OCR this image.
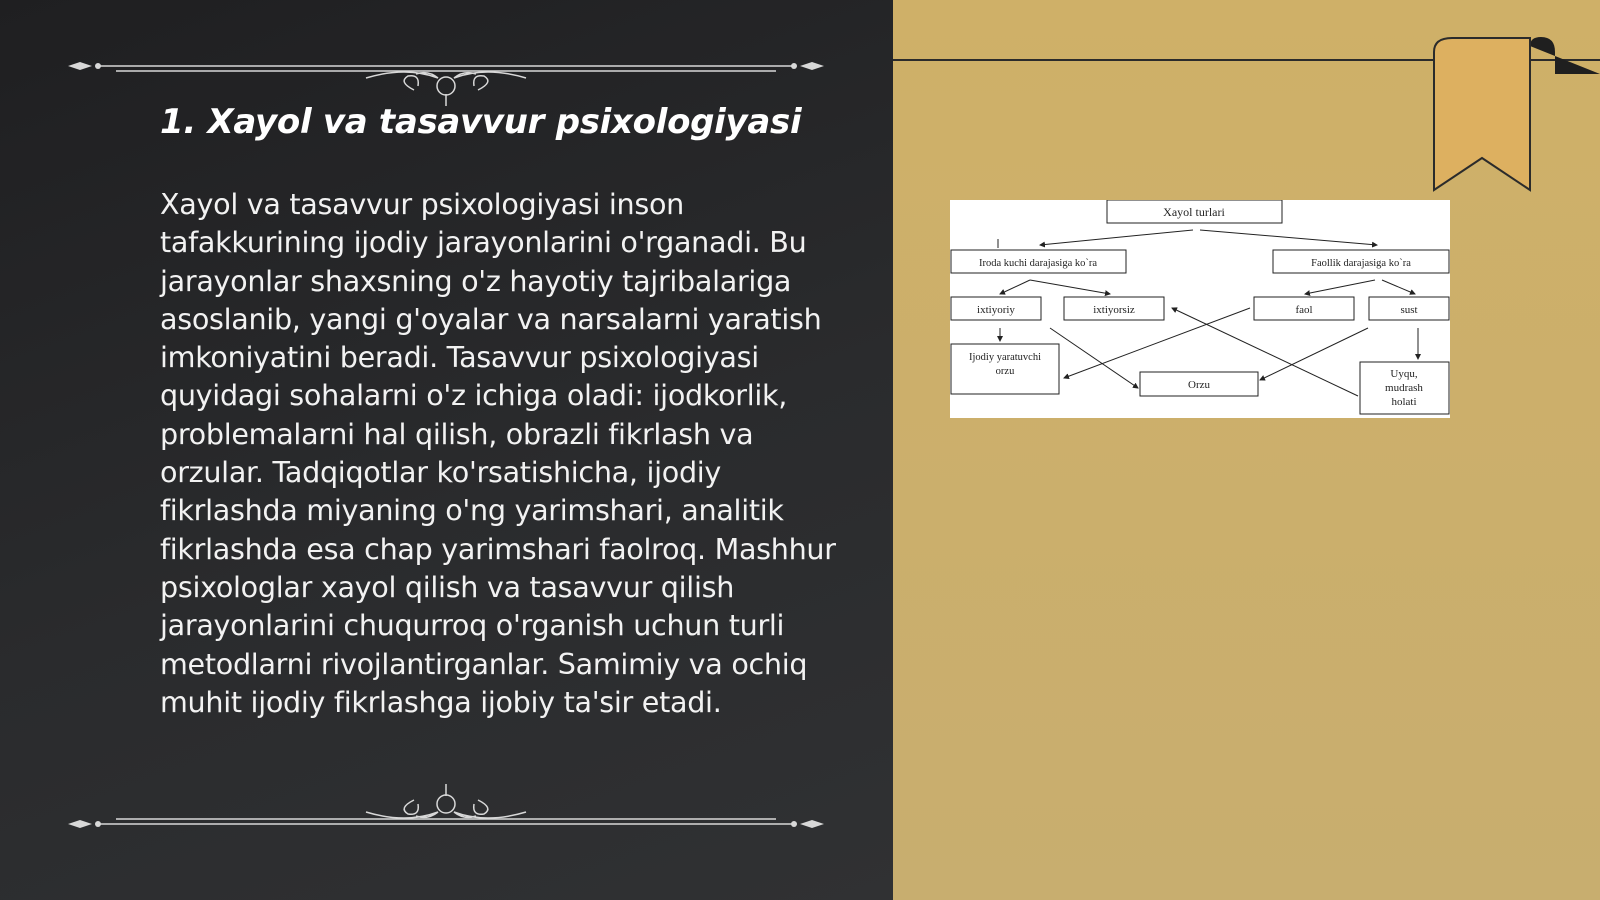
1. Xayol va tasavvur psixologiyasi
Xayol va tasavvur psixologiyasi inson tafakkurining ijodiy jarayonlarini o'rganadi. Bu jarayonlar shaxsning o'z hayotiy tajribalariga asoslanib, yangi g'oyalar va narsalarni yaratish imkoniyatini beradi. Tasavvur psixologiyasi quyidagi sohalarni o'z ichiga oladi: ijodkorlik, problemalarni hal qilish, obrazli fikrlash va orzular. Tadqiqotlar ko'rsatishicha, ijodiy fikrlashda miyaning o'ng yarimshari, analitik fikrlashda esa chap yarimshari faolroq. Mashhur psixologlar xayol qilish va tasavvur qilish jarayonlarini chuqurroq o'rganish uchun turli metodlarni rivojlantirganlar. Samimiy va ochiq muhit ijodiy fikrlashga ijobiy ta'sir etadi.
Xayol turlari
Iroda kuchi darajasiga ko`ra	Faollik darajasiga ko`ra
ixtiyoriy	ixtiyorsiz	faol	sust
Ijodiy yaratuvchi
orzu
Orzu
Uyqu,
mudrash
holati
